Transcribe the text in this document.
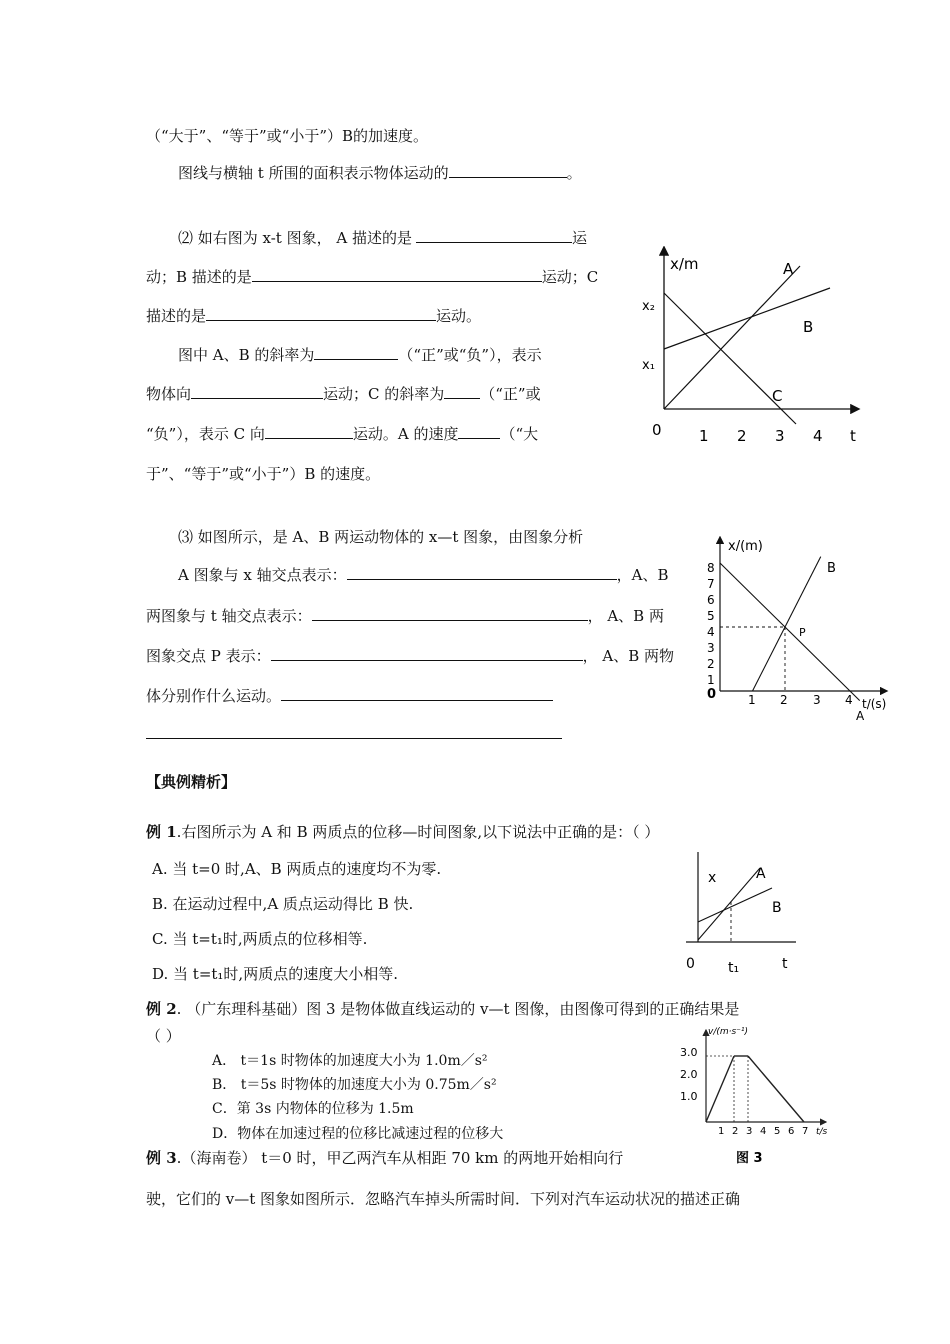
（“大于”、“等于”或“小于”）B的加速度。
图线与横轴 t 所围的面积表示物体运动的	。
⑵ 如右图为 x-t 图象， A 描述的是	运
动；B 描述的是	运动；C
描述的是	运动。
图中 A、B 的斜率为	（“正”或“负”），表示
物体向	运动；C 的斜率为 （“正”或
“负”），表示 C 向	运动。A 的速度	（“大
于”、“等于”或“小于”）B 的速度。
x/m
x₂
x₁
0 1 2 3 4 t
A
B
C
⑶ 如图所示，是 A、B 两运动物体的 x—t 图象，由图象分析
A 图象与 x 轴交点表示：	，A、B
两图象与 t 轴交点表示：	， A、B 两
图象交点 P 表示：	， A、B 两物
体分别作什么运动。
x/(m)
8
7
6
5
4
3
2
1
0	1 2 3 4 t/(s)
A
B
P
【典例精析】
例 1.右图所示为 A 和 B 两质点的位移—时间图象,以下说法中正确的是：（ ）
A. 当 t=0 时,A、B 两质点的速度均不为零.
B. 在运动过程中,A 质点运动得比 B 快.
C. 当 t=t₁时,两质点的位移相等.
D. 当 t=t₁时,两质点的速度大小相等.
x	A
B
0 t₁	t
例 2. （广东理科基础）图 3 是物体做直线运动的 v—t 图像，由图像可得到的正确结果是
（ ）
A． t＝1s 时物体的加速度大小为 1.0m／s²
B． t＝5s 时物体的加速度大小为 0.75m／s²
C．第 3s 内物体的位移为 1.5m
D．物体在加速过程的位移比减速过程的位移大
v/(m·s⁻¹)
3.0
2.0
1.0
1 2 3 4 5 6 7 t/s
图 3
例 3.（海南卷） t＝0 时，甲乙两汽车从相距 70 km 的两地开始相向行
驶，它们的 v—t 图象如图所示．忽略汽车掉头所需时间．下列对汽车运动状况的描述正确
